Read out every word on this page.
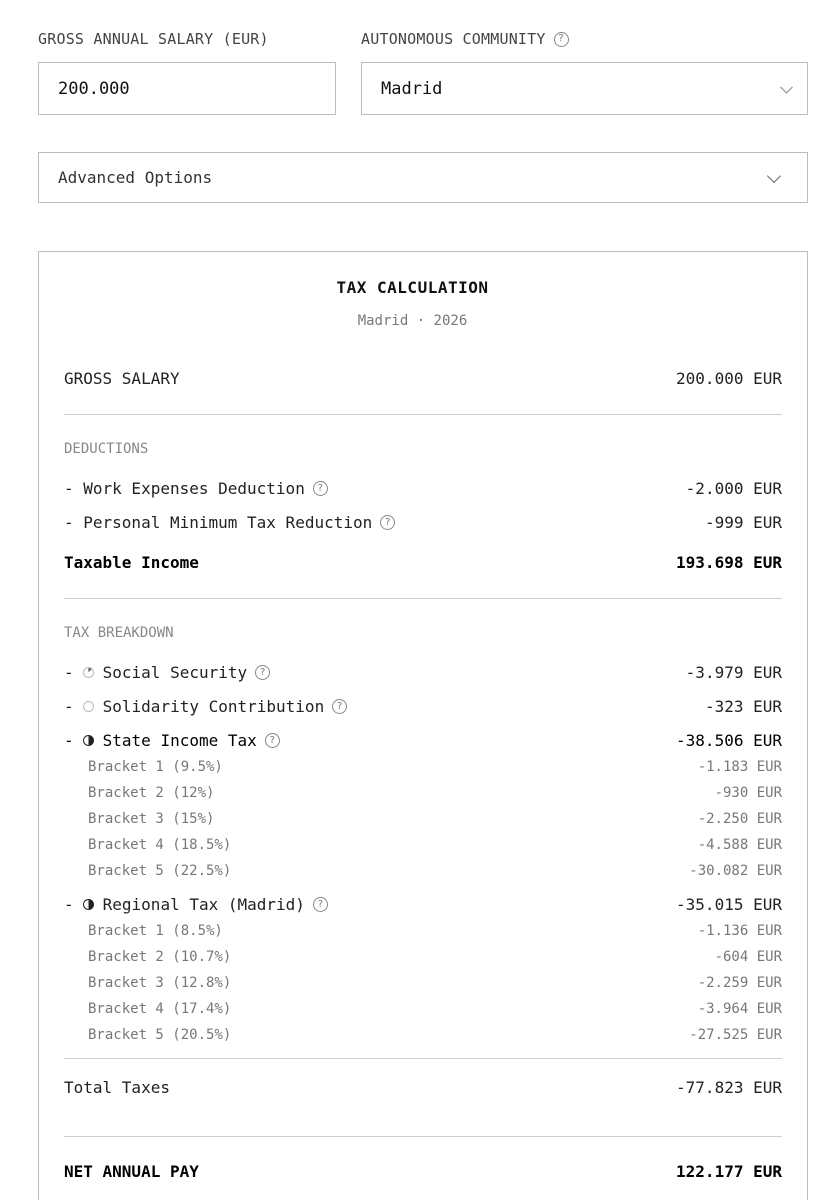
GROSS ANNUAL SALARY (EUR)
200.000
AUTONOMOUS COMMUNITY	?
Madrid
Advanced Options
TAX CALCULATION
Madrid · 2026
GROSS SALARY	200.000 EUR
DEDUCTIONS
- Work Expenses Deduction	?	-2.000 EUR
- Personal Minimum Tax Reduction	?	-999 EUR
Taxable Income	193.698 EUR
TAX BREAKDOWN
- Social Security	?	-3.979 EUR
- Solidarity Contribution	?	-323 EUR
- State Income Tax	?	-38.506 EUR
Bracket 1 (9.5%)	-1.183 EUR
Bracket 2 (12%)	-930 EUR
Bracket 3 (15%)	-2.250 EUR
Bracket 4 (18.5%)	-4.588 EUR
Bracket 5 (22.5%)	-30.082 EUR
- Regional Tax (Madrid)	?	-35.015 EUR
Bracket 1 (8.5%)	-1.136 EUR
Bracket 2 (10.7%)	-604 EUR
Bracket 3 (12.8%)	-2.259 EUR
Bracket 4 (17.4%)	-3.964 EUR
Bracket 5 (20.5%)	-27.525 EUR
Total Taxes	-77.823 EUR
NET ANNUAL PAY	122.177 EUR
